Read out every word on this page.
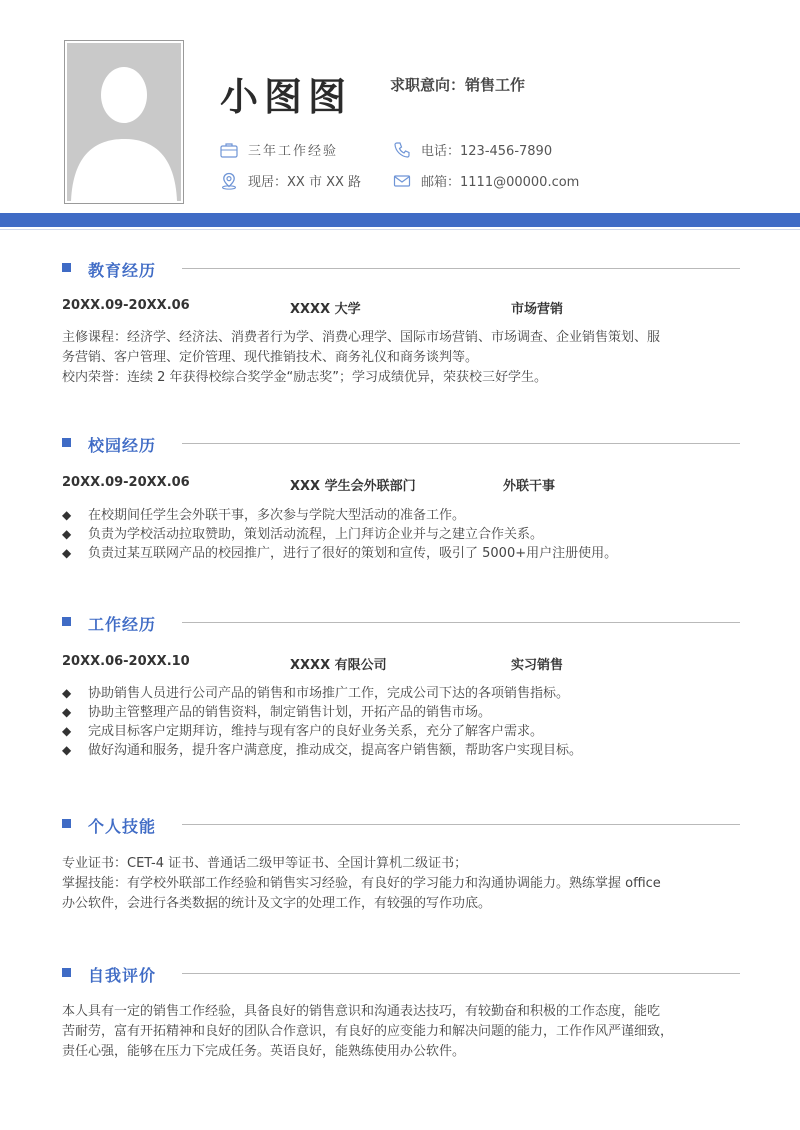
小图图	求职意向：销售工作
三年工作经验
现居：XX 市 XX 路
电话：123-456-7890
邮箱：1111@00000.com
教育经历
20XX.09-20XX.06	XXXX 大学	市场营销

主修课程：经济学、经济法、消费者行为学、消费心理学、国际市场营销、市场调查、企业销售策划、服

务营销、客户管理、定价管理、现代推销技术、商务礼仪和商务谈判等。

校内荣誉：连续 2 年获得校综合奖学金“励志奖”；学习成绩优异，荣获校三好学生。

校园经历
20XX.09-20XX.06	XXX 学生会外联部门	外联干事
◆ 在校期间任学生会外联干事，多次参与学院大型活动的准备工作。
◆ 负责为学校活动拉取赞助，策划活动流程，上门拜访企业并与之建立合作关系。
◆ 负责过某互联网产品的校园推广，进行了很好的策划和宣传，吸引了 5000+用户注册使用。
工作经历
20XX.06-20XX.10	XXXX 有限公司	实习销售
◆ 协助销售人员进行公司产品的销售和市场推广工作，完成公司下达的各项销售指标。
◆ 协助主管整理产品的销售资料，制定销售计划，开拓产品的销售市场。
◆ 完成目标客户定期拜访，维持与现有客户的良好业务关系，充分了解客户需求。
◆ 做好沟通和服务，提升客户满意度，推动成交，提高客户销售额，帮助客户实现目标。
个人技能

专业证书：CET-4 证书、普通话二级甲等证书、全国计算机二级证书；

掌握技能：有学校外联部工作经验和销售实习经验，有良好的学习能力和沟通协调能力。熟练掌握 office

办公软件，会进行各类数据的统计及文字的处理工作，有较强的写作功底。

自我评价

本人具有一定的销售工作经验，具备良好的销售意识和沟通表达技巧，有较勤奋和积极的工作态度，能吃

苦耐劳，富有开拓精神和良好的团队合作意识，有良好的应变能力和解决问题的能力，工作作风严谨细致，

责任心强，能够在压力下完成任务。英语良好，能熟练使用办公软件。
